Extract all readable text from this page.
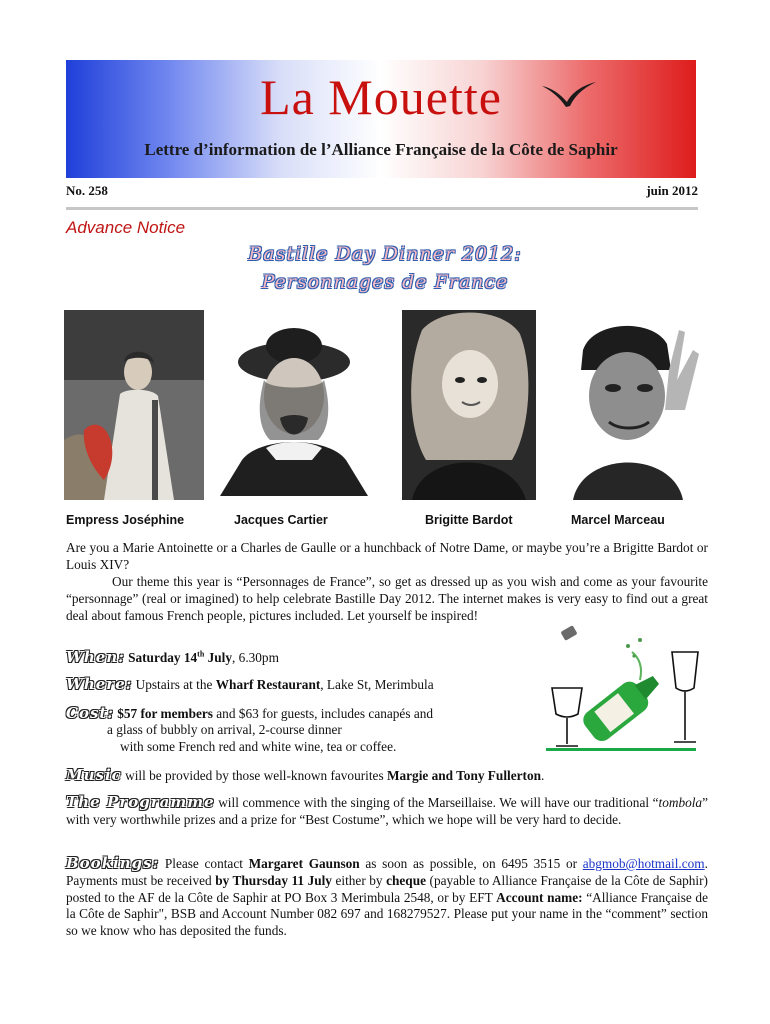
La Mouette
Lettre d’information de l’Alliance Française de la Côte de Saphir
No. 258	juin 2012
Advance Notice
Bastille Day Dinner 2012:
Personnages de France
Empress Joséphine	Jacques Cartier	Brigitte Bardot	Marcel Marceau

Are you a Marie Antoinette or a Charles de Gaulle or a hunchback of Notre Dame, or maybe you’re a Brigitte Bardot or Louis XIV?

Our theme this year is “Personnages de France”, so get as dressed up as you wish and come as your favourite “personnage” (real or imagined) to help celebrate Bastille Day 2012. The internet makes is very easy to find out a great deal about famous French people, pictures included. Let yourself be inspired!

When: Saturday 14th July, 6.30pm
Where: Upstairs at the Wharf Restaurant, Lake St, Merimbula
Cost: $57 for members and $63 for guests, includes canapés and
a glass of bubbly on arrival, 2-course dinner
with some French red and white wine, tea or coffee.
Music will be provided by those well-known favourites Margie and Tony Fullerton.

The Programme will commence with the singing of the Marseillaise. We will have our traditional “tombola” with very worthwhile prizes and a prize for “Best Costume”, which we hope will be very hard to decide.

Bookings: Please contact Margaret Gaunson as soon as possible, on 6495 3515 or abgmob@hotmail.com. Payments must be received by Thursday 11 July either by cheque (payable to Alliance Française de la Côte de Saphir) posted to the AF de la Côte de Saphir at PO Box 3 Merimbula 2548, or by EFT Account name: “Alliance Française de la Côte de Saphir", BSB and Account Number 082 697 and 168279527. Please put your name in the “comment” section so we know who has deposited the funds.
